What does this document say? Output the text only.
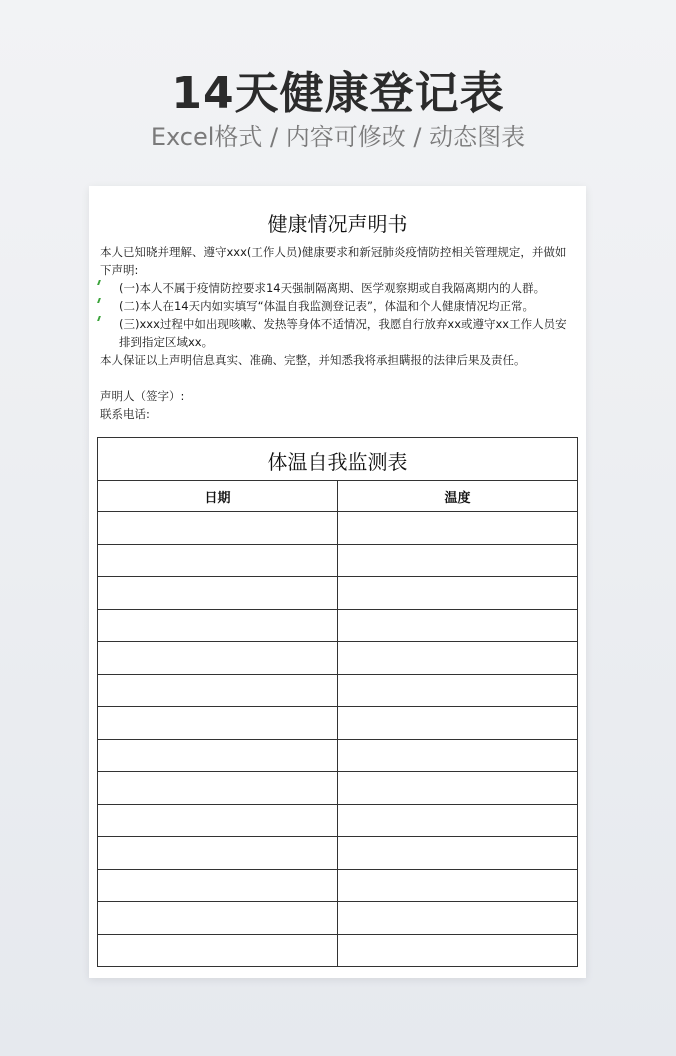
14天健康登记表
Excel格式 / 内容可修改 / 动态图表
健康情况声明书

本人已知晓并理解、遵守xxx(工作人员)健康要求和新冠肺炎疫情防控相关管理规定，并做如下声明:

(一)本人不属于疫情防控要求14天强制隔离期、医学观察期或自我隔离期内的人群。

(二)本人在14天内如实填写“体温自我监测登记表”，体温和个人健康情况均正常。

(三)xxx过程中如出现咳嗽、发热等身体不适情况，我愿自行放弃xx或遵守xx工作人员安排到指定区域xx。

本人保证以上声明信息真实、准确、完整，并知悉我将承担瞒报的法律后果及责任。

声明人（签字）:

联系电话:

体温自我监测表	
日期	温度
